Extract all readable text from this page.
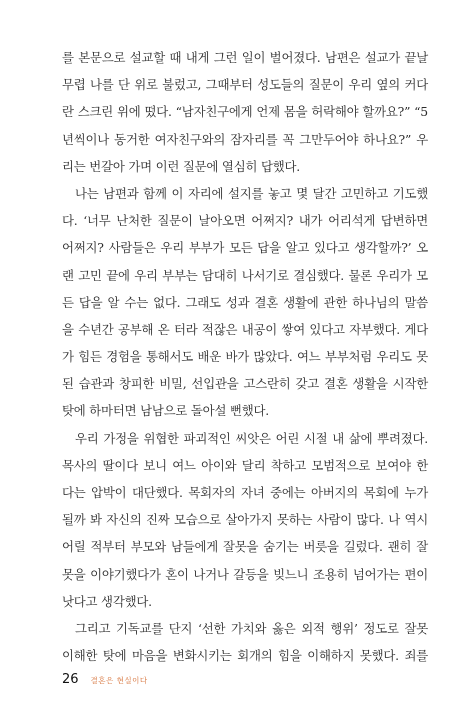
를 본문으로 설교할 때 내게 그런 일이 벌어졌다. 남편은 설교가 끝날
무렵 나를 단 위로 불렀고, 그때부터 성도들의 질문이 우리 옆의 커다
란 스크린 위에 떴다. “남자친구에게 언제 몸을 허락해야 할까요?” “5
년씩이나 동거한 여자친구와의 잠자리를 꼭 그만두어야 하나요?” 우
리는 번갈아 가며 이런 질문에 열심히 답했다.
나는 남편과 함께 이 자리에 설지를 놓고 몇 달간 고민하고 기도했
다. ‘너무 난처한 질문이 날아오면 어쩌지? 내가 어리석게 답변하면
어쩌지? 사람들은 우리 부부가 모든 답을 알고 있다고 생각할까?’ 오
랜 고민 끝에 우리 부부는 담대히 나서기로 결심했다. 물론 우리가 모
든 답을 알 수는 없다. 그래도 성과 결혼 생활에 관한 하나님의 말씀
을 수년간 공부해 온 터라 적잖은 내공이 쌓여 있다고 자부했다. 게다
가 힘든 경험을 통해서도 배운 바가 많았다. 여느 부부처럼 우리도 못
된 습관과 창피한 비밀, 선입관을 고스란히 갖고 결혼 생활을 시작한
탓에 하마터면 남남으로 돌아설 뻔했다.
우리 가정을 위협한 파괴적인 씨앗은 어린 시절 내 삶에 뿌려졌다.
목사의 딸이다 보니 여느 아이와 달리 착하고 모범적으로 보여야 한
다는 압박이 대단했다. 목회자의 자녀 중에는 아버지의 목회에 누가
될까 봐 자신의 진짜 모습으로 살아가지 못하는 사람이 많다. 나 역시
어릴 적부터 부모와 남들에게 잘못을 숨기는 버릇을 길렀다. 괜히 잘
못을 이야기했다가 혼이 나거나 갈등을 빚느니 조용히 넘어가는 편이
낫다고 생각했다.
그리고 기독교를 단지 ‘선한 가치와 옳은 외적 행위’ 정도로 잘못
이해한 탓에 마음을 변화시키는 회개의 힘을 이해하지 못했다. 죄를
26 결혼은 현실이다
